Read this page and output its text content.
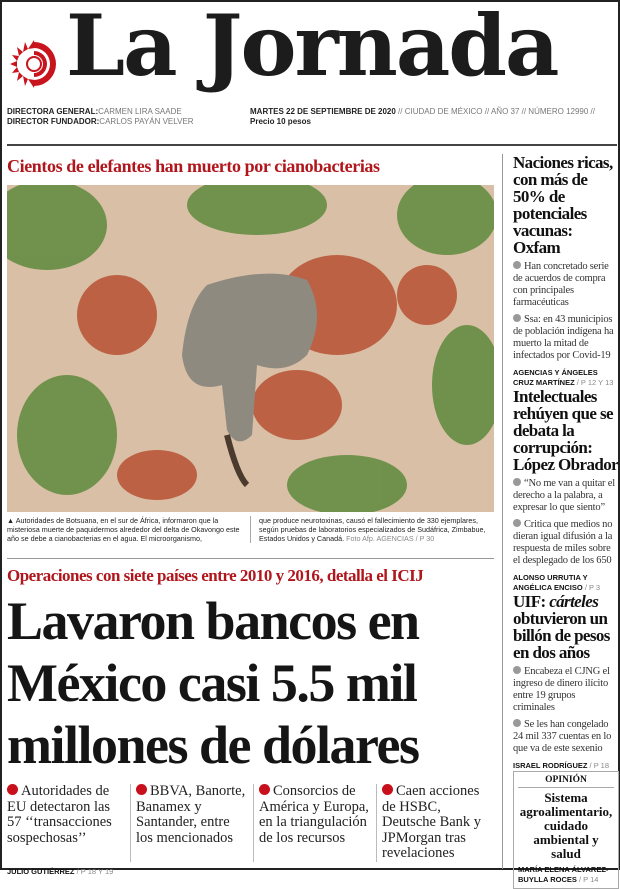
La Jornada
DIRECTORA GENERAL:CARMEN LIRA SAADE
DIRECTOR FUNDADOR:CARLOS PAYÁN VELVER
MARTES 22 DE SEPTIEMBRE DE 2020 // CIUDAD DE MÉXICO // AÑO 37 // NÚMERO 12990 // Precio 10 pesos
Cientos de elefantes han muerto por cianobacterias
▲ Autoridades de Botsuana, en el sur de África, informaron que la misteriosa muerte de paquidermos alrededor del delta de Okavongo este año se debe a cianobacterias en el agua. El microorganismo,
que produce neurotoxinas, causó el fallecimiento de 330 ejemplares, según pruebas de laboratorios especializados de Sudáfrica, Zimbabue, Estados Unidos y Canadá. Foto Afp. AGENCIAS / P 30
Operaciones con siete países entre 2010 y 2016, detalla el ICIJ
Lavaron bancos en México casi 5.5 mil millones de dólares
Autoridades de EU detectaron las 57 ‘‘transacciones sospechosas’’
BBVA, Banorte, Banamex y Santander, entre los mencionados
Consorcios de América y Europa, en la triangulación de los recursos
Caen acciones de HSBC, Deutsche Bank y JPMorgan tras revelaciones
JULIO GUTIÉRREZ / P 18 Y 19
Naciones ricas, con más de 50% de potenciales vacunas: Oxfam

Han concretado serie de acuerdos de compra con principales farmacéuticas

Ssa: en 43 municipios de población indígena ha muerto la mitad de infectados por Covid-19

AGENCIAS Y ÁNGELES CRUZ MARTÍNEZ / P 12 Y 13
Intelectuales rehúyen que se debata la corrupción: López Obrador

“No me van a quitar el derecho a la palabra, a expresar lo que siento”

Critica que medios no dieran igual difusión a la respuesta de miles sobre el desplegado de los 650

ALONSO URRUTIA Y ANGÉLICA ENCISO / P 3
UIF: cárteles obtuvieron un billón de pesos en dos años

Encabeza el CJNG el ingreso de dinero ilícito entre 19 grupos criminales

Se les han congelado 24 mil 337 cuentas en lo que va de este sexenio

ISRAEL RODRÍGUEZ / P 18
OPINIÓN
Sistema agroalimentario, cuidado ambiental y salud
MARÍA ELENA ÁLVAREZ-BUYLLA ROCES / P 14
